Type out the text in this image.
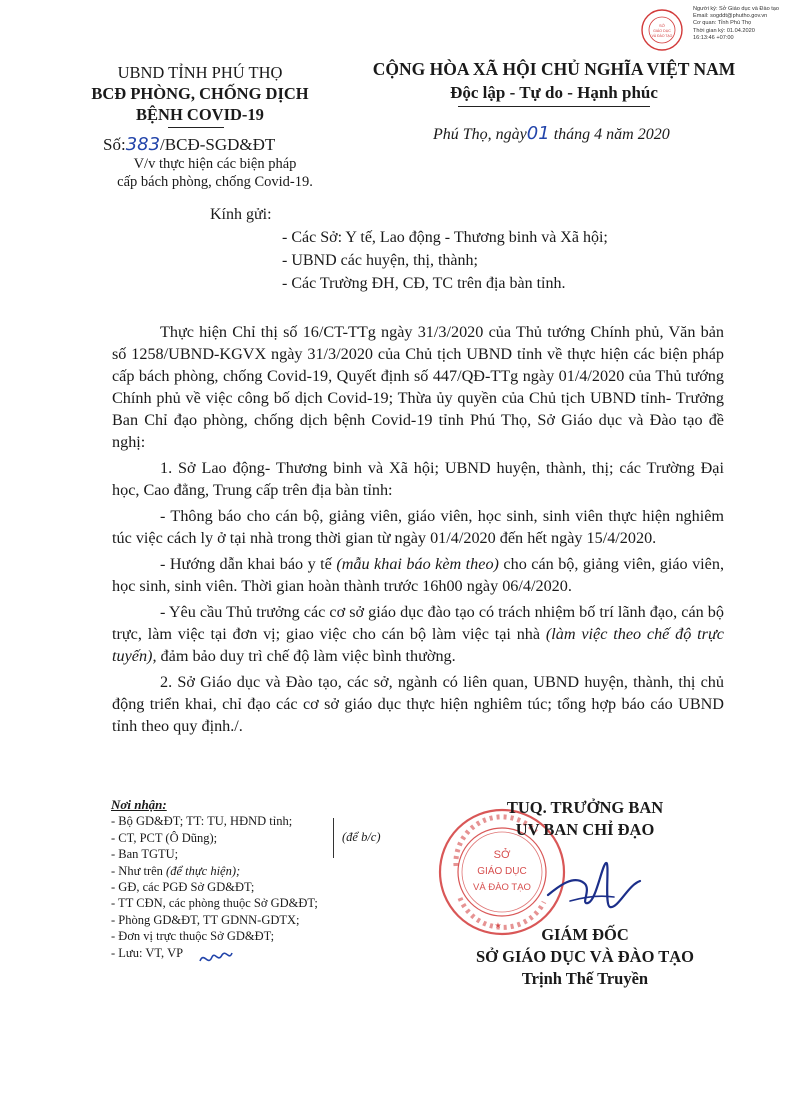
SỞ
GIÁO DỤC
VÀ ĐÀO TẠO
Người ký: Sở Giáo dục và Đào tạo
Email: sogddt@phutho.gov.vn
Cơ quan: Tỉnh Phú Thọ
Thời gian ký: 01.04.2020
16:13:46 +07:00
UBND TỈNH PHÚ THỌ
BCĐ PHÒNG, CHỐNG DỊCH
BỆNH COVID-19
Số:383/BCĐ-SGD&ĐT
V/v thực hiện các biện pháp
cấp bách phòng, chống Covid-19.
CỘNG HÒA XÃ HỘI CHỦ NGHĨA VIỆT NAM
Độc lập - Tự do - Hạnh phúc
Phú Thọ, ngày01 tháng 4 năm 2020
Kính gửi:
- Các Sở: Y tế, Lao động - Thương binh và Xã hội;
- UBND các huyện, thị, thành;
- Các Trường ĐH, CĐ, TC trên địa bàn tỉnh.

Thực hiện Chỉ thị số 16/CT-TTg ngày 31/3/2020 của Thủ tướng Chính phủ, Văn bản số 1258/UBND-KGVX ngày 31/3/2020 của Chủ tịch UBND tỉnh về thực hiện các biện pháp cấp bách phòng, chống Covid-19, Quyết định số 447/QĐ-TTg ngày 01/4/2020 của Thủ tướng Chính phủ về việc công bố dịch Covid-19; Thừa ủy quyền của Chủ tịch UBND tỉnh- Trưởng Ban Chỉ đạo phòng, chống dịch bệnh Covid-19 tỉnh Phú Thọ, Sở Giáo dục và Đào tạo đề nghị:

1. Sở Lao động- Thương binh và Xã hội; UBND huyện, thành, thị; các Trường Đại học, Cao đẳng, Trung cấp trên địa bàn tỉnh:

- Thông báo cho cán bộ, giảng viên, giáo viên, học sinh, sinh viên thực hiện nghiêm túc việc cách ly ở tại nhà trong thời gian từ ngày 01/4/2020 đến hết ngày 15/4/2020.

- Hướng dẫn khai báo y tế (mẫu khai báo kèm theo) cho cán bộ, giảng viên, giáo viên, học sinh, sinh viên. Thời gian hoàn thành trước 16h00 ngày 06/4/2020.

- Yêu cầu Thủ trưởng các cơ sở giáo dục đào tạo có trách nhiệm bố trí lãnh đạo, cán bộ trực, làm việc tại đơn vị; giao việc cho cán bộ làm việc tại nhà (làm việc theo chế độ trực tuyến), đảm bảo duy trì chế độ làm việc bình thường.

2. Sở Giáo dục và Đào tạo, các sở, ngành có liên quan, UBND huyện, thành, thị chủ động triển khai, chỉ đạo các cơ sở giáo dục thực hiện nghiêm túc; tổng hợp báo cáo UBND tỉnh theo quy định./.

Nơi nhận:
- Bộ GD&ĐT; TT: TU, HĐND tỉnh;
- CT, PCT (Ô Dũng);
- Ban TGTU;
- Như trên (để thực hiện);
- GĐ, các PGĐ Sở GD&ĐT;
- TT CĐN, các phòng thuộc Sở GD&ĐT;
- Phòng GD&ĐT, TT GDNN-GDTX;
- Đơn vị trực thuộc Sở GD&ĐT;
- Lưu: VT, VP
(để b/c)
SỞ
GIÁO DỤC
VÀ ĐÀO TẠO
★
TUQ. TRƯỞNG BAN
UV BAN CHỈ ĐẠO
GIÁM ĐỐC
SỞ GIÁO DỤC VÀ ĐÀO TẠO
Trịnh Thế Truyền
